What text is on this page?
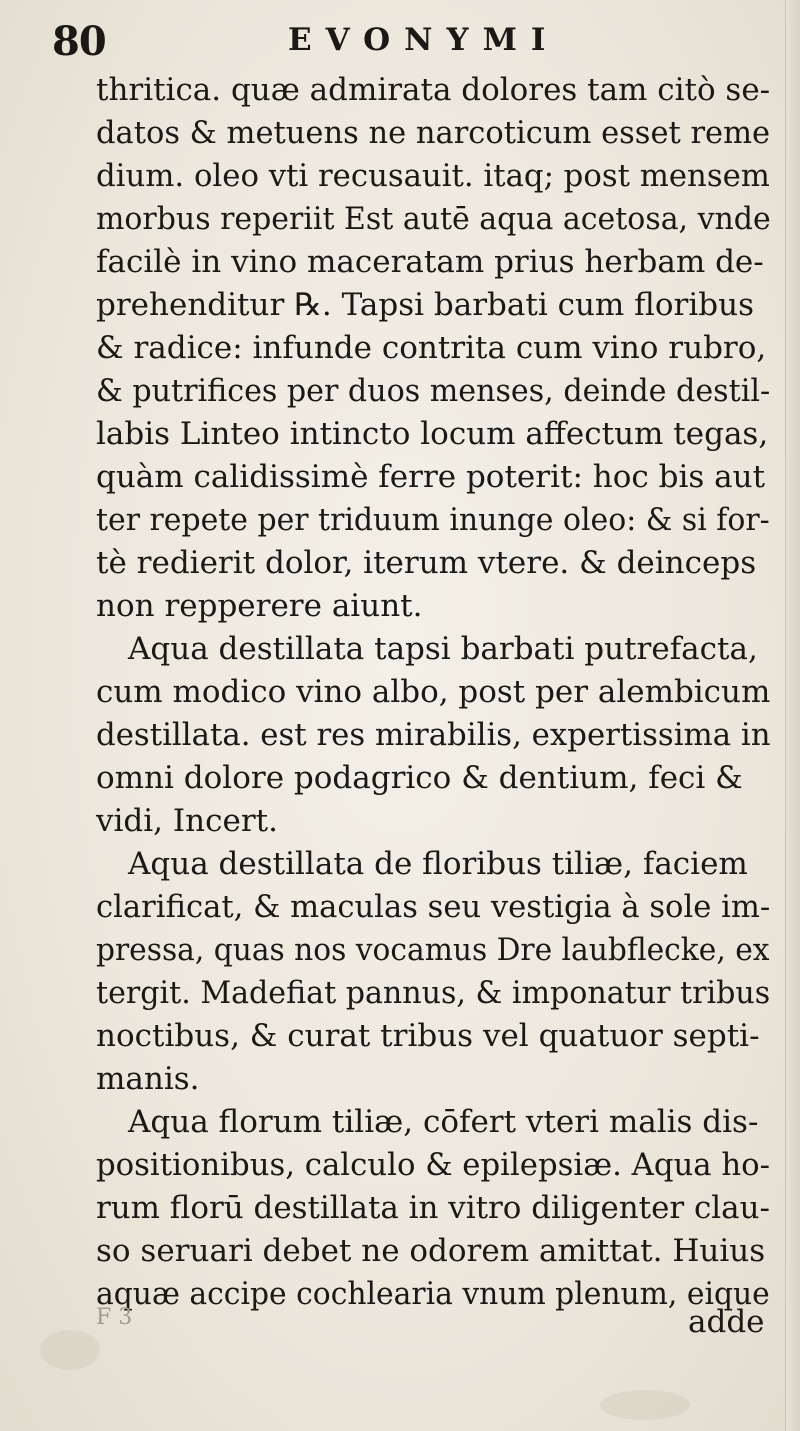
80	EVONYMI
thritica. quæ admirata dolores tam citò se-
datos & metuens ne narcoticum esset reme
dium. oleo vti recusauit. itaq; post mensem
morbus reperiit Est autē aqua acetosa, vnde
facilè in vino maceratam prius herbam de-
prehenditur ℞. Tapsi barbati cum floribus
& radice: infunde contrita cum vino rubro,
& putrifices per duos menses, deinde destil-
labis Linteo intincto locum affectum tegas,
quàm calidissimè ferre poterit: hoc bis aut
ter repete per triduum inunge oleo: & si for-
tè redierit dolor, iterum vtere. & deinceps
non repperere aiunt.
Aqua destillata tapsi barbati putrefacta,
cum modico vino albo, post per alembicum
destillata. est res mirabilis, expertissima in
omni dolore podagrico & dentium, feci &
vidi, Incert.
Aqua destillata de floribus tiliæ, faciem
clarificat, & maculas seu vestigia à sole im-
pressa, quas nos vocamus Dre laubflecke, ex
tergit. Madefiat pannus, & imponatur tribus
noctibus, & curat tribus vel quatuor septi-
manis.
Aqua florum tiliæ, cōfert vteri malis dis-
positionibus, calculo & epilepsiæ. Aqua ho-
rum florū destillata in vitro diligenter clau-
so seruari debet ne odorem amittat. Huius
aquæ accipe cochlearia vnum plenum, eique
F 3	adde
